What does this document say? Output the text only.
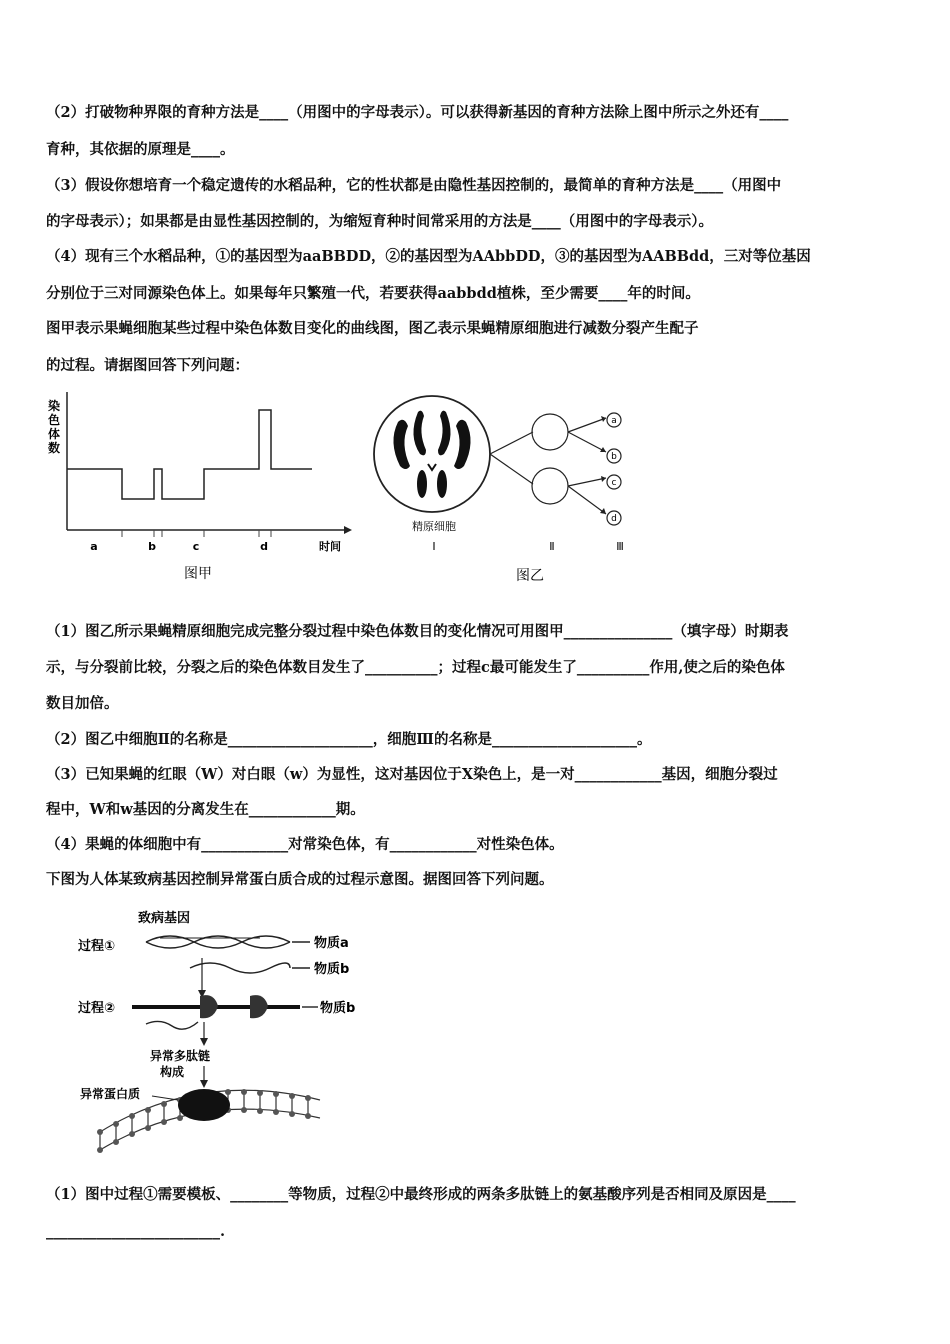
（2）打破物种界限的育种方法是____（用图中的字母表示）。可以获得新基因的育种方法除上图中所示之外还有____
育种，其依据的原理是____。
（3）假设你想培育一个稳定遗传的水稻品种，它的性状都是由隐性基因控制的，最简单的育种方法是____（用图中
的字母表示）；如果都是由显性基因控制的，为缩短育种时间常采用的方法是____（用图中的字母表示）。
（4）现有三个水稻品种，①的基因型为aaBBDD，②的基因型为AAbbDD，③的基因型为AABBdd，三对等位基因
分别位于三对同源染色体上。如果每年只繁殖一代，若要获得aabbdd植株，至少需要____年的时间。
图甲表示果蝇细胞某些过程中染色体数目变化的曲线图，图乙表示果蝇精原细胞进行减数分裂产生配子
的过程。请据图回答下列问题：
染
色
体
数
a	b	c	d	时间
图甲
a
b
c
d
精原细胞
Ⅰ	Ⅱ	Ⅲ
图乙
（1）图乙所示果蝇精原细胞完成完整分裂过程中染色体数目的变化情况可用图甲_______________（填字母）时期表
示，与分裂前比较，分裂之后的染色体数目发生了__________；过程c最可能发生了__________作用,使之后的染色体
数目加倍。
（2）图乙中细胞Ⅱ的名称是____________________，细胞Ⅲ的名称是____________________。
（3）已知果蝇的红眼（W）对白眼（w）为显性，这对基因位于X染色上，是一对____________基因，细胞分裂过
程中，W和w基因的分离发生在____________期。
（4）果蝇的体细胞中有____________对常染色体，有____________对性染色体。
下图为人体某致病基因控制异常蛋白质合成的过程示意图。据图回答下列问题。
致病基因
过程①	物质a
物质b
过程②	物质b
异常多肽链
构成
异常蛋白质
（1）图中过程①需要模板、________等物质，过程②中最终形成的两条多肽链上的氨基酸序列是否相同及原因是____
________________________.
